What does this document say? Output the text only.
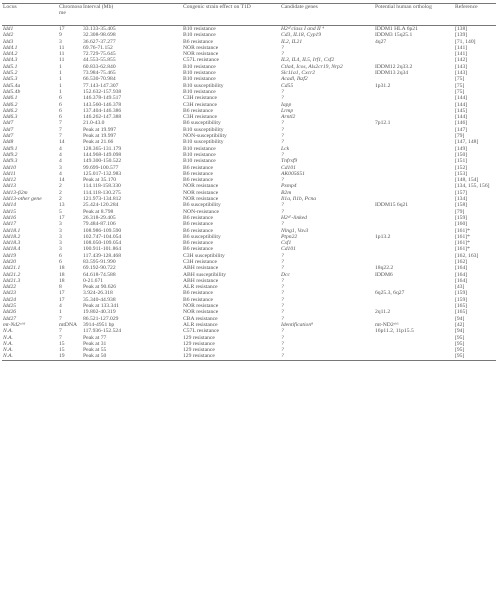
Locus	Chromoso me	Interval (Mb)	Congenic strain effect on T1D	Candidate genes	Potential human ortholog	Reference
Idd1	17	33.133-35.405	B10 resistance	H2ᵍ⁷class I and II ⁴	IDDM1 HLA 6p21	[138]
Idd2	9	32.308-98.698	B10 resistance	Cd3, IL18, Cyp19	IDDM3 15q25.1	[139]
Idd3	3	36.627-37.277	B6 resistance	IL2, IL21	4q27	[71, 140]
Idd4.1	11	69.76-71.152	NOR resistance	?		[141]
Idd4.2	11	72.729-75.645	NOR resistance	?		[141]
Idd4.3	11	44.553-55.855	C57L resistance	IL3, IL4, IL5, Irf1, Csf2		[142]
Idd5.1	1	60.833-62.840	B10 resistance	Ctla4, Icos, Als2cr19, Nrp2	IDDM12 2q33.2	[143]
Idd5.2	1	73.984-75.465	B10 resistance	Slc11a1, Cxcr2	IDDM13 2q34	[143]
Idd5.3	1	66.530-70.984	B10 resistance	Acadl, Ikzf2		[75]
Idd5.4a	1	77.143-147.307	B10 susceptibility	Cd55	1p31.2	[75]
Idd5.4b	1	152.632-157.938	B10 resistance	?		[75]
Idd6.1	6	146.378-149.517	C3H resistance	?		[144]
Idd6.2	6	143.560-146.378	C3H resistance	Iapp		[144]
Idd6.2	6	137.404-146.386	B6 resistance	Lrmp		[145]
Idd6.3	6	146.262-147.388	C3H resistance	Arntl2		[144]
Idd7	7	21.0-43.0	B6 susceptibility	?	7p12.1	[146]
Idd7	7	Peak at 19.997	B10 susceptibility	?		[147]
Idd7	7	Peak at 19.997	NON-susceptibility	?		[79]
Idd8	14	Peak at 21.66	B10 susceptibility	?		[147, 148]
Idd9.1	4	128.365-131.179	B10 resistance	Lck		[149]
Idd9.2	4	144.968-149.098	B10 resistance	?		[150]
Idd9.3	4	149.300-150.522	B10 resistance	Tnfrsf9		[151]
Idd10	3	99.699-100.577	B6 resistance	Cd101		[152]
Idd11	4	125.017-132.983	B6 resistance	AK005651		[153]
Idd12	14	Peak at 35.170	B6 resistance	?		[148, 154]
Idd13	2	114.118-158.330	NOR resistance	Pxmp4		[134, 155, 156]
Idd13-β2m	2	114.118-130.275	NOR resistance	B2m		[157]
Idd13-other gene	2	121.973-134.812	NOR resistance	Il1a, Il1b, Pcna		[134]
Idd14	13	25.424-120.284	B6 susceptibility	?	IDDM15 6q21	[158]
Idd15	5	Peak at 8.798	NON-resistance	?		[79]
Idd16	17	26.318-29.405	B6 resistance	H2ᵍ⁷-linked		[159]
Idd17	3	79.484-87.106	B6 resistance	?		[160]
Idd18.1	3	108.986-109.590	B6 resistance	Nlng1, Vav3		[161]*
Idd18.2	3	102.747-104.054	B6 susceptibility	Ptpn22	1p13.2	[161]*
Idd18.3	3	108.050-109.054	B6 resistance	Csf1		[161]*
Idd18.4	3	100.911-101.864	B6 resistance	Cd101		[161]*
Idd19	6	117.439-128.468	C3H susceptibility	?		[162, 163]
Idd20	6	83.595-91.990	C3H resistance	?		[162]
Idd21.1	18	69.192-90.722	ABH resistance	?	18q22.2	[164]
Idd21.2	18	64.618-74.588	ABH susceptibility	Dcc	IDDM6	[164]
Idd21.3	18	0-21.671	ABH resistance	?		[164]
Idd22	8	Peak at 90.626	ALR resistance	?		[43]
Idd23	17	3.924-26.318	B6 resistance	?	6q25.3, 6q27	[159]
Idd24	17	35.340-44.938	B6 resistance	?		[159]
Idd25	4	Peak at 133.341	NOR resistance	?		[165]
Idd26	1	19.802-40.319	NOR resistance	?	2q11.2	[165]
Idd27	7	86.521-127.029	CBA resistance	?		[94]
mt-Nd2ᵃˡᵗ¹	mtDNA	3914-4951 bp	ALR resistance	Identification⁸	mt-ND2ᵃˡᵗ¹	[42]
N.A.	7	117.936-152.524	C57L resistance	?	16p11.2, 11p15.5	[94]
N.A.	7	Peak at 77	129 resistance	?		[95]
N.A.	15	Peak at 31	129 resistance	?		[95]
N.A.	15	Peak at 55	129 resistance	?		[95]
N.A.	19	Peak at 50	129 resistance	?		[95]
